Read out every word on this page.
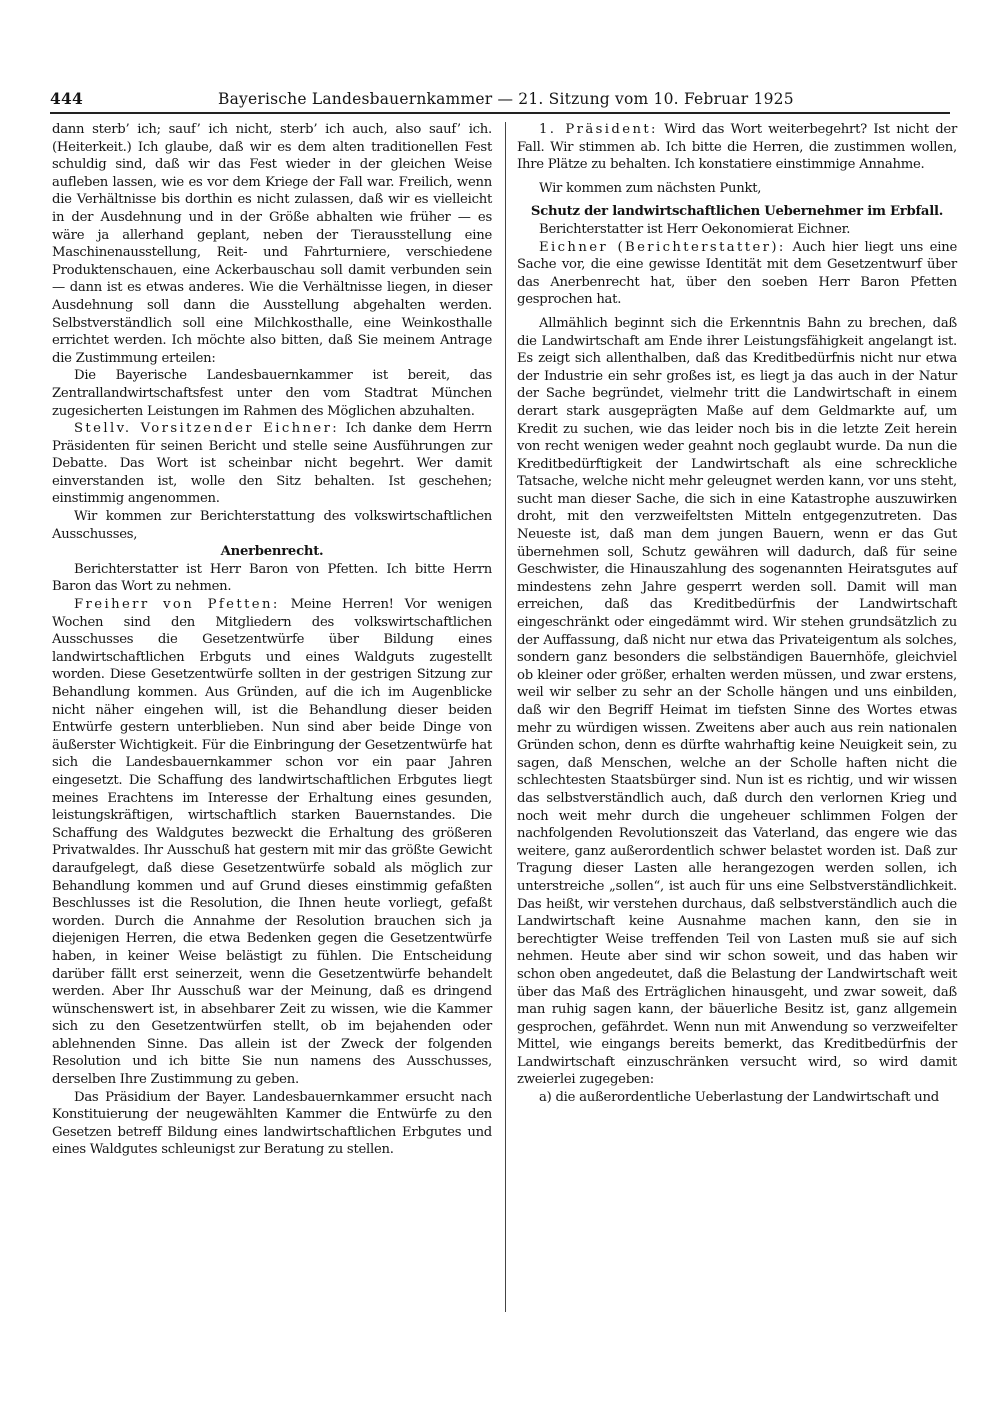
444	Bayerische Landesbauernkammer — 21. Sitzung vom 10. Februar 1925

dann sterb’ ich; sauf’ ich nicht, sterb’ ich auch, also sauf’ ich. (Heiterkeit.) Ich glaube, daß wir es dem alten traditionellen Fest schuldig sind, daß wir das Fest wieder in der gleichen Weise aufleben lassen, wie es vor dem Kriege der Fall war. Freilich, wenn die Verhältnisse bis dorthin es nicht zulassen, daß wir es vielleicht in der Ausdehnung und in der Größe abhalten wie früher — es wäre ja allerhand geplant, neben der Tierausstellung eine Maschinenausstellung, Reit- und Fahrturniere, verschiedene Produktenschauen, eine Ackerbauschau soll damit verbunden sein — dann ist es etwas anderes. Wie die Verhältnisse liegen, in dieser Ausdehnung soll dann die Ausstellung abgehalten werden. Selbstverständlich soll eine Milchkosthalle, eine Weinkosthalle errichtet werden. Ich möchte also bitten, daß Sie meinem Antrage die Zustimmung erteilen:

Die Bayerische Landesbauernkammer ist bereit, das Zentrallandwirtschaftsfest unter den vom Stadtrat München zugesicherten Leistungen im Rahmen des Möglichen abzuhalten.

Stellv. Vorsitzender Eichner: Ich danke dem Herrn Präsidenten für seinen Bericht und stelle seine Ausführungen zur Debatte. Das Wort ist scheinbar nicht begehrt. Wer damit einverstanden ist, wolle den Sitz behalten. Ist geschehen; einstimmig angenommen.

Wir kommen zur Berichterstattung des volkswirtschaftlichen Ausschusses,

Anerbenrecht.

Berichterstatter ist Herr Baron von Pfetten. Ich bitte Herrn Baron das Wort zu nehmen.

Freiherr von Pfetten: Meine Herren! Vor wenigen Wochen sind den Mitgliedern des volkswirtschaftlichen Ausschusses die Gesetzentwürfe über Bildung eines landwirtschaftlichen Erbguts und eines Waldguts zugestellt worden. Diese Gesetzentwürfe sollten in der gestrigen Sitzung zur Behandlung kommen. Aus Gründen, auf die ich im Augenblicke nicht näher eingehen will, ist die Behandlung dieser beiden Entwürfe gestern unterblieben. Nun sind aber beide Dinge von äußerster Wichtigkeit. Für die Einbringung der Gesetzentwürfe hat sich die Landesbauernkammer schon vor ein paar Jahren eingesetzt. Die Schaffung des landwirtschaftlichen Erbgutes liegt meines Erachtens im Interesse der Erhaltung eines gesunden, leistungskräftigen, wirtschaftlich starken Bauernstandes. Die Schaffung des Waldgutes bezweckt die Erhaltung des größeren Privatwaldes. Ihr Ausschuß hat gestern mit mir das größte Gewicht daraufgelegt, daß diese Gesetzentwürfe sobald als möglich zur Behandlung kommen und auf Grund dieses einstimmig gefaßten Beschlusses ist die Resolution, die Ihnen heute vorliegt, gefaßt worden. Durch die Annahme der Resolution brauchen sich ja diejenigen Herren, die etwa Bedenken gegen die Gesetzentwürfe haben, in keiner Weise belästigt zu fühlen. Die Entscheidung darüber fällt erst seinerzeit, wenn die Gesetzentwürfe behandelt werden. Aber Ihr Ausschuß war der Meinung, daß es dringend wünschenswert ist, in absehbarer Zeit zu wissen, wie die Kammer sich zu den Gesetzentwürfen stellt, ob im bejahenden oder ablehnenden Sinne. Das allein ist der Zweck der folgenden Resolution und ich bitte Sie nun namens des Ausschusses, derselben Ihre Zustimmung zu geben.

Das Präsidium der Bayer. Landesbauernkammer ersucht nach Konstituierung der neugewählten Kammer die Entwürfe zu den Gesetzen betreff Bildung eines landwirtschaftlichen Erbgutes und eines Waldgutes schleunigst zur Beratung zu stellen.

1. Präsident: Wird das Wort weiterbegehrt? Ist nicht der Fall. Wir stimmen ab. Ich bitte die Herren, die zustimmen wollen, Ihre Plätze zu behalten. Ich konstatiere einstimmige Annahme.

Wir kommen zum nächsten Punkt,

Schutz der landwirtschaftlichen Uebernehmer im Erbfall.

Berichterstatter ist Herr Oekonomierat Eichner.

Eichner (Berichterstatter): Auch hier liegt uns eine Sache vor, die eine gewisse Identität mit dem Gesetzentwurf über das Anerbenrecht hat, über den soeben Herr Baron Pfetten gesprochen hat.

Allmählich beginnt sich die Erkenntnis Bahn zu brechen, daß die Landwirtschaft am Ende ihrer Leistungsfähigkeit angelangt ist. Es zeigt sich allenthalben, daß das Kreditbedürfnis nicht nur etwa der Industrie ein sehr großes ist, es liegt ja das auch in der Natur der Sache begründet, vielmehr tritt die Landwirtschaft in einem derart stark ausgeprägten Maße auf dem Geldmarkte auf, um Kredit zu suchen, wie das leider noch bis in die letzte Zeit herein von recht wenigen weder geahnt noch geglaubt wurde. Da nun die Kreditbedürftigkeit der Landwirtschaft als eine schreckliche Tatsache, welche nicht mehr geleugnet werden kann, vor uns steht, sucht man dieser Sache, die sich in eine Katastrophe auszuwirken droht, mit den verzweifeltsten Mitteln entgegenzutreten. Das Neueste ist, daß man dem jungen Bauern, wenn er das Gut übernehmen soll, Schutz gewähren will dadurch, daß für seine Geschwister, die Hinauszahlung des sogenannten Heiratsgutes auf mindestens zehn Jahre gesperrt werden soll. Damit will man erreichen, daß das Kreditbedürfnis der Landwirtschaft eingeschränkt oder eingedämmt wird. Wir stehen grundsätzlich zu der Auffassung, daß nicht nur etwa das Privateigentum als solches, sondern ganz besonders die selbständigen Bauernhöfe, gleichviel ob kleiner oder größer, erhalten werden müssen, und zwar erstens, weil wir selber zu sehr an der Scholle hängen und uns einbilden, daß wir den Begriff Heimat im tiefsten Sinne des Wortes etwas mehr zu würdigen wissen. Zweitens aber auch aus rein nationalen Gründen schon, denn es dürfte wahrhaftig keine Neuigkeit sein, zu sagen, daß Menschen, welche an der Scholle haften nicht die schlechtesten Staatsbürger sind. Nun ist es richtig, und wir wissen das selbstverständlich auch, daß durch den verlornen Krieg und noch weit mehr durch die ungeheuer schlimmen Folgen der nachfolgenden Revolutionszeit das Vaterland, das engere wie das weitere, ganz außerordentlich schwer belastet worden ist. Daß zur Tragung dieser Lasten alle herangezogen werden sollen, ich unterstreiche „sollen“, ist auch für uns eine Selbstverständlichkeit. Das heißt, wir verstehen durchaus, daß selbstverständlich auch die Landwirtschaft keine Ausnahme machen kann, den sie in berechtigter Weise treffenden Teil von Lasten muß sie auf sich nehmen. Heute aber sind wir schon soweit, und das haben wir schon oben angedeutet, daß die Belastung der Landwirtschaft weit über das Maß des Erträglichen hinausgeht, und zwar soweit, daß man ruhig sagen kann, der bäuerliche Besitz ist, ganz allgemein gesprochen, gefährdet. Wenn nun mit Anwendung so verzweifelter Mittel, wie eingangs bereits bemerkt, das Kreditbedürfnis der Landwirtschaft einzuschränken versucht wird, so wird damit zweierlei zugegeben:

a) die außerordentliche Ueberlastung der Landwirtschaft und
